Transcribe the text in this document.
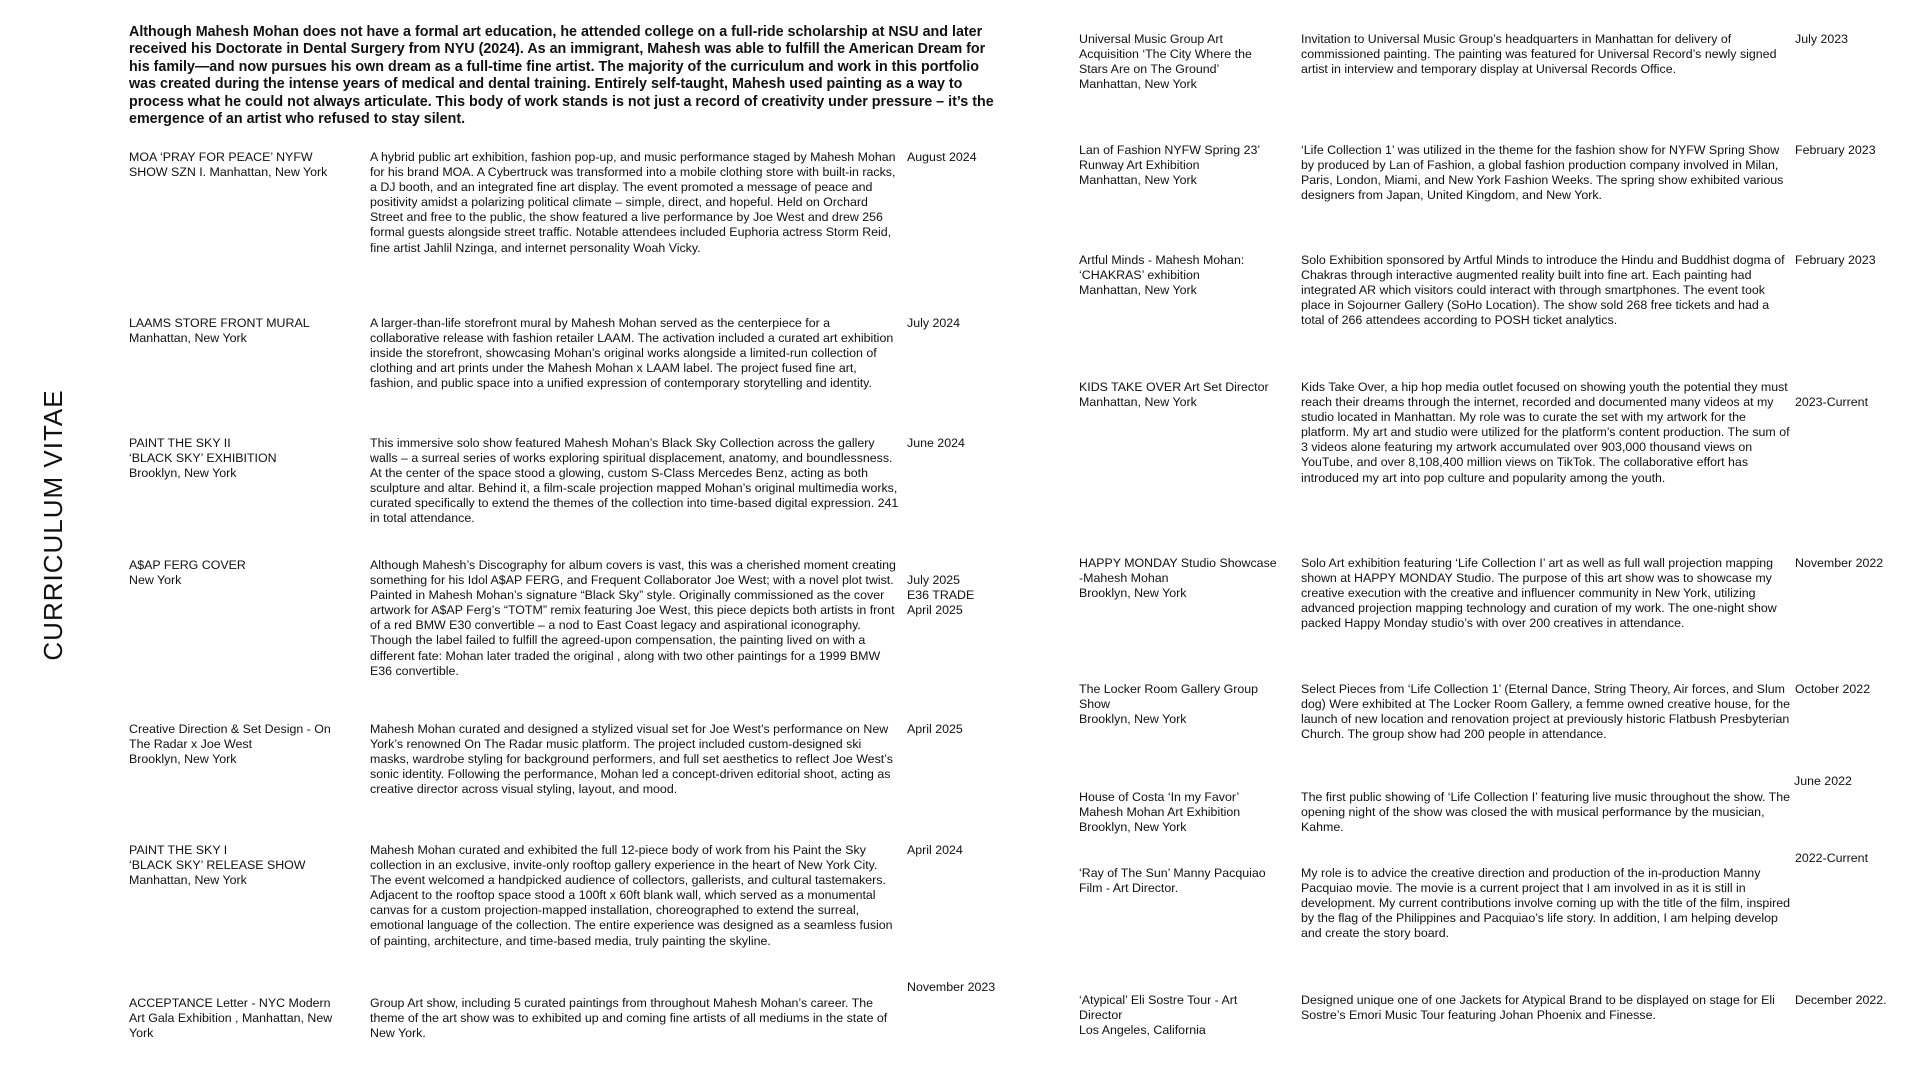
CURRICULUM VITAE
Although Mahesh Mohan does not have a formal art education, he attended college on a full-ride scholarship at NSU and later received his Doctorate in Dental Surgery from NYU (2024). As an immigrant, Mahesh was able to fulfill the American Dream for his family—and now pursues his own dream as a full-time fine artist. The majority of the curriculum and work in this portfolio was created during the intense years of medical and dental training. Entirely self-taught, Mahesh used painting as a way to process what he could not always articulate. This body of work stands is not just a record of creativity under pressure – it’s the emergence of an artist who refused to stay silent.
MOA ‘PRAY FOR PEACE’ NYFW
SHOW SZN I. Manhattan, New York
A hybrid public art exhibition, fashion pop-up, and music performance staged by Mahesh Mohan for his brand MOA. A Cybertruck was transformed into a mobile clothing store with built-in racks, a DJ booth, and an integrated fine art display. The event promoted a message of peace and positivity amidst a polarizing political climate – simple, direct, and hopeful. Held on Orchard Street and free to the public, the show featured a live performance by Joe West and drew 256 formal guests alongside street traffic. Notable attendees included Euphoria actress Storm Reid, fine artist Jahlil Nzinga, and internet personality Woah Vicky.
August 2024
LAAMS STORE FRONT MURAL
Manhattan, New York
A larger-than-life storefront mural by Mahesh Mohan served as the centerpiece for a collaborative release with fashion retailer LAAM. The activation included a curated art exhibition inside the storefront, showcasing Mohan’s original works alongside a limited-run collection of clothing and art prints under the Mahesh Mohan x LAAM label. The project fused fine art, fashion, and public space into a unified expression of contemporary storytelling and identity.
July 2024
PAINT THE SKY II
‘BLACK SKY’ EXHIBITION
Brooklyn, New York
This immersive solo show featured Mahesh Mohan’s Black Sky Collection across the gallery walls – a surreal series of works exploring spiritual displacement, anatomy, and boundlessness. At the center of the space stood a glowing, custom S-Class Mercedes Benz, acting as both sculpture and altar. Behind it, a film-scale projection mapped Mohan’s original multimedia works, curated specifically to extend the themes of the collection into time-based digital expression. 241 in total attendance.
June 2024
A$AP FERG COVER
New York
Although Mahesh’s Discography for album covers is vast, this was a cherished moment creating something for his Idol A$AP FERG, and Frequent Collaborator Joe West; with a novel plot twist. Painted in Mahesh Mohan’s signature “Black Sky” style. Originally commissioned as the cover artwork for A$AP Ferg’s “TOTM” remix featuring Joe West, this piece depicts both artists in front of a red BMW E30 convertible – a nod to East Coast legacy and aspirational iconography. Though the label failed to fulfill the agreed-upon compensation, the painting lived on with a different fate: Mohan later traded the original , along with two other paintings for a 1999 BMW E36 convertible.
July 2025
E36 TRADE
April 2025
Creative Direction & Set Design - On
The Radar x Joe West
Brooklyn, New York
Mahesh Mohan curated and designed a stylized visual set for Joe West’s performance on New York’s renowned On The Radar music platform. The project included custom-designed ski masks, wardrobe styling for background performers, and full set aesthetics to reflect Joe West’s sonic identity. Following the performance, Mohan led a concept-driven editorial shoot, acting as creative director across visual styling, layout, and mood.
April 2025
PAINT THE SKY I
‘BLACK SKY’ RELEASE SHOW
Manhattan, New York
Mahesh Mohan curated and exhibited the full 12-piece body of work from his Paint the Sky collection in an exclusive, invite-only rooftop gallery experience in the heart of New York City. The event welcomed a handpicked audience of collectors, gallerists, and cultural tastemakers. Adjacent to the rooftop space stood a 100ft x 60ft blank wall, which served as a monumental canvas for a custom projection-mapped installation, choreographed to extend the surreal, emotional language of the collection. The entire experience was designed as a seamless fusion of painting, architecture, and time-based media, truly painting the skyline.
April 2024
ACCEPTANCE Letter - NYC Modern
Art Gala Exhibition , Manhattan, New
York
Group Art show, including 5 curated paintings from throughout Mahesh Mohan’s career. The theme of the art show was to exhibited up and coming fine artists of all mediums in the state of New York.
November 2023
Universal Music Group Art
Acquisition ‘The City Where the
Stars Are on The Ground’
Manhattan, New York
Invitation to Universal Music Group’s headquarters in Manhattan for delivery of commissioned painting. The painting was featured for Universal Record’s newly signed artist in interview and temporary display at Universal Records Office.
July 2023
Lan of Fashion NYFW Spring 23’
Runway Art Exhibition
Manhattan, New York
‘Life Collection 1’ was utilized in the theme for the fashion show for NYFW Spring Show by produced by Lan of Fashion, a global fashion production company involved in Milan, Paris, London, Miami, and New York Fashion Weeks. The spring show exhibited various designers from Japan, United Kingdom, and New York.
February 2023
Artful Minds - Mahesh Mohan:
‘CHAKRAS’ exhibition
Manhattan, New York
Solo Exhibition sponsored by Artful Minds to introduce the Hindu and Buddhist dogma of Chakras through interactive augmented reality built into fine art. Each painting had integrated AR which visitors could interact with through smartphones. The event took place in Sojourner Gallery (SoHo Location). The show sold 268 free tickets and had a total of 266 attendees according to POSH ticket analytics.
February 2023
KIDS TAKE OVER Art Set Director
Manhattan, New York
Kids Take Over, a hip hop media outlet focused on showing youth the potential they must reach their dreams through the internet, recorded and documented many videos at my studio located in Manhattan. My role was to curate the set with my artwork for the platform. My art and studio were utilized for the platform’s content production. The sum of 3 videos alone featuring my artwork accumulated over 903,000 thousand views on YouTube, and over 8,108,400 million views on TikTok. The collaborative effort has introduced my art into pop culture and popularity among the youth.
2023-Current
HAPPY MONDAY Studio Showcase
-Mahesh Mohan
Brooklyn, New York
Solo Art exhibition featuring ‘Life Collection I’ art as well as full wall projection mapping shown at HAPPY MONDAY Studio. The purpose of this art show was to showcase my creative execution with the creative and influencer community in New York, utilizing advanced projection mapping technology and curation of my work. The one-night show packed Happy Monday studio’s with over 200 creatives in attendance.
November 2022
The Locker Room Gallery Group
Show
Brooklyn, New York
Select Pieces from ‘Life Collection 1’ (Eternal Dance, String Theory, Air forces, and Slum dog) Were exhibited at The Locker Room Gallery, a femme owned creative house, for the launch of new location and renovation project at previously historic Flatbush Presbyterian Church. The group show had 200 people in attendance.
October 2022
House of Costa ‘In my Favor’
Mahesh Mohan Art Exhibition
Brooklyn, New York
The first public showing of ‘Life Collection I’ featuring live music throughout the show. The opening night of the show was closed the with musical performance by the musician, Kahme.
June 2022
‘Ray of The Sun’ Manny Pacquiao
Film - Art Director.
My role is to advice the creative direction and production of the in-production Manny Pacquiao movie. The movie is a current project that I am involved in as it is still in development. My current contributions involve coming up with the title of the film, inspired by the flag of the Philippines and Pacquiao’s life story. In addition, I am helping develop and create the story board.
2022-Current
‘Atypical’ Eli Sostre Tour - Art
Director
Los Angeles, California
Designed unique one of one Jackets for Atypical Brand to be displayed on stage for Eli Sostre’s Emori Music Tour featuring Johan Phoenix and Finesse.
December 2022.
